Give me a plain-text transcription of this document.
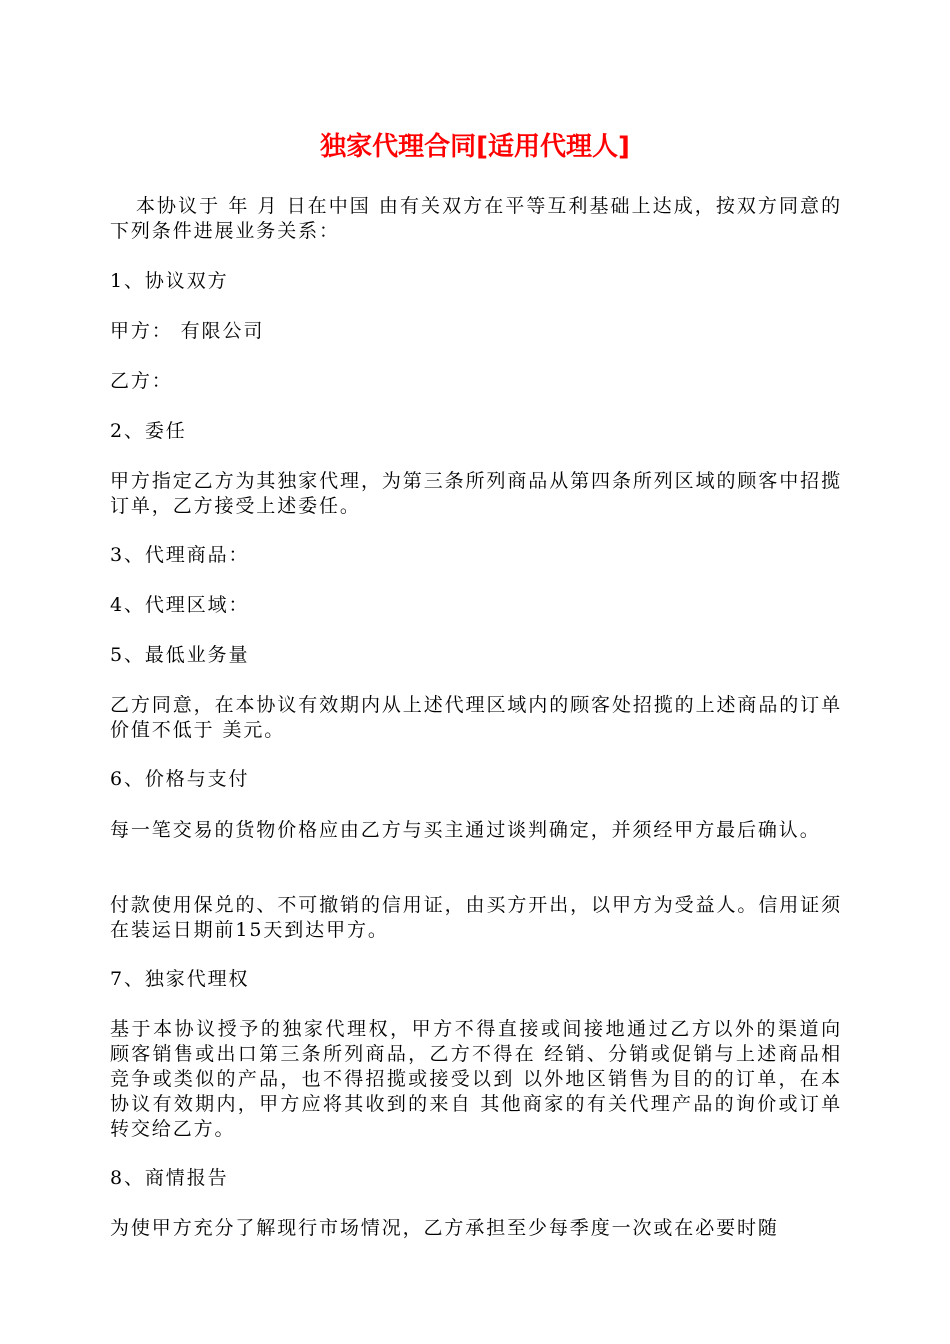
独家代理合同[适用代理人]

本协议于 年 月 日在中国 由有关双方在平等互利基础上达成，按双方同意的下列条件进展业务关系：

1、协议双方

甲方： 有限公司

乙方：

2、委任

甲方指定乙方为其独家代理，为第三条所列商品从第四条所列区域的顾客中招揽订单，乙方接受上述委任。

3、代理商品：

4、代理区域：

5、最低业务量

乙方同意，在本协议有效期内从上述代理区域内的顾客处招揽的上述商品的订单价值不低于 美元。

6、价格与支付

每一笔交易的货物价格应由乙方与买主通过谈判确定，并须经甲方最后确认。

付款使用保兑的、不可撤销的信用证，由买方开出，以甲方为受益人。信用证须在装运日期前15天到达甲方。

7、独家代理权

基于本协议授予的独家代理权，甲方不得直接或间接地通过乙方以外的渠道向 顾客销售或出口第三条所列商品，乙方不得在 经销、分销或促销与上述商品相竞争或类似的产品，也不得招揽或接受以到 以外地区销售为目的的订单，在本协议有效期内，甲方应将其收到的来自 其他商家的有关代理产品的询价或订单转交给乙方。

8、商情报告

为使甲方充分了解现行市场情况，乙方承担至少每季度一次或在必要时随
